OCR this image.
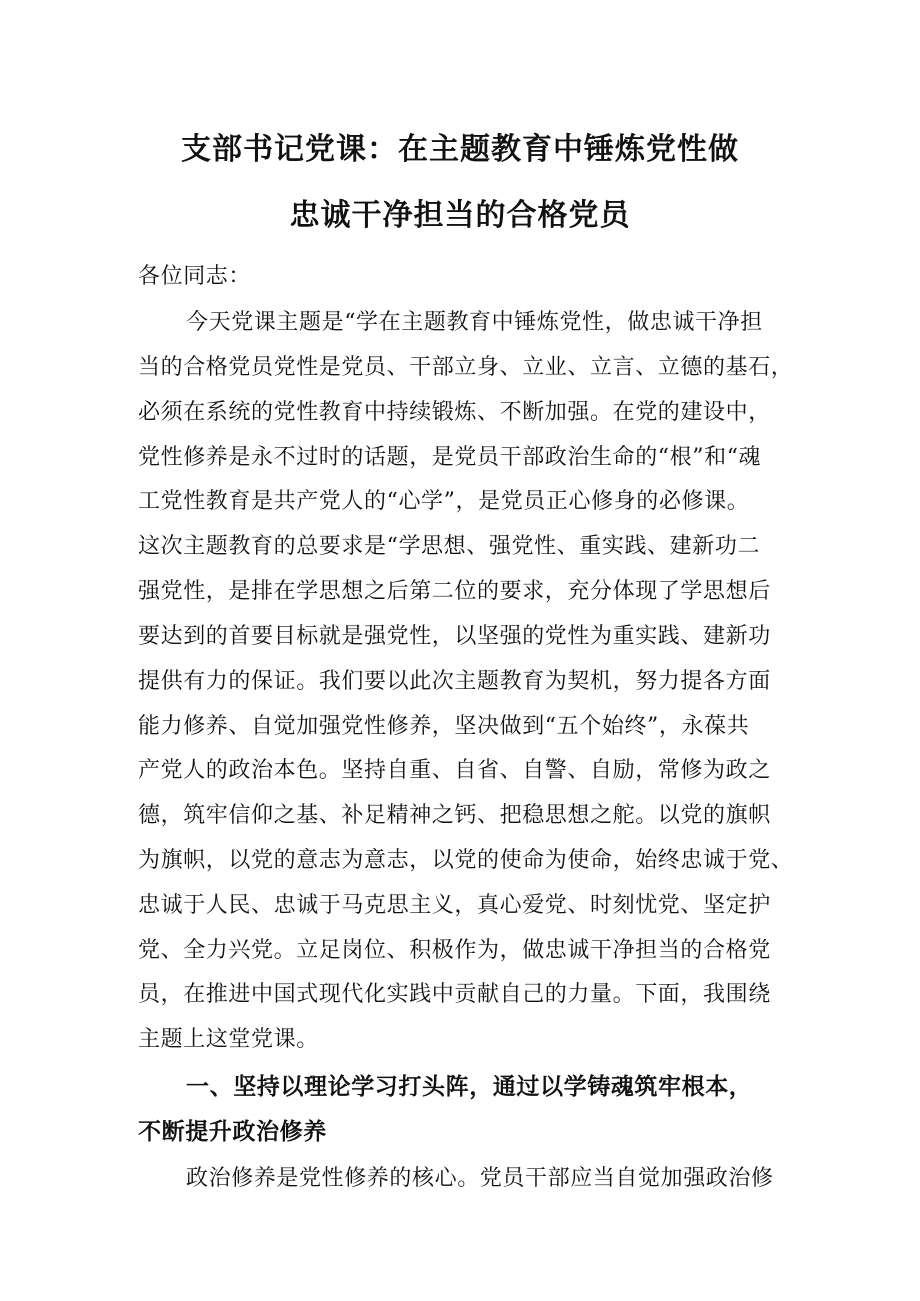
支部书记党课：在主题教育中锤炼党性做
忠诚干净担当的合格党员
各位同志：
今天党课主题是“学在主题教育中锤炼党性，做忠诚干净担
当的合格党员党性是党员、干部立身、立业、立言、立德的基石，
必须在系统的党性教育中持续锻炼、不断加强。在党的建设中，
党性修养是永不过时的话题，是党员干部政治生命的“根”和“魂
工党性教育是共产党人的“心学”，是党员正心修身的必修课。
这次主题教育的总要求是“学思想、强党性、重实践、建新功二
强党性，是排在学思想之后第二位的要求，充分体现了学思想后
要达到的首要目标就是强党性，以坚强的党性为重实践、建新功
提供有力的保证。我们要以此次主题教育为契机，努力提各方面
能力修养、自觉加强党性修养，坚决做到“五个始终”，永葆共
产党人的政治本色。坚持自重、自省、自警、自励，常修为政之
德，筑牢信仰之基、补足精神之钙、把稳思想之舵。以党的旗帜
为旗帜，以党的意志为意志，以党的使命为使命，始终忠诚于党、
忠诚于人民、忠诚于马克思主义，真心爱党、时刻忧党、坚定护
党、全力兴党。立足岗位、积极作为，做忠诚干净担当的合格党
员，在推进中国式现代化实践中贡献自己的力量。下面，我围绕
主题上这堂党课。
一、坚持以理论学习打头阵，通过以学铸魂筑牢根本，
不断提升政治修养
政治修养是党性修养的核心。党员干部应当自觉加强政治修
